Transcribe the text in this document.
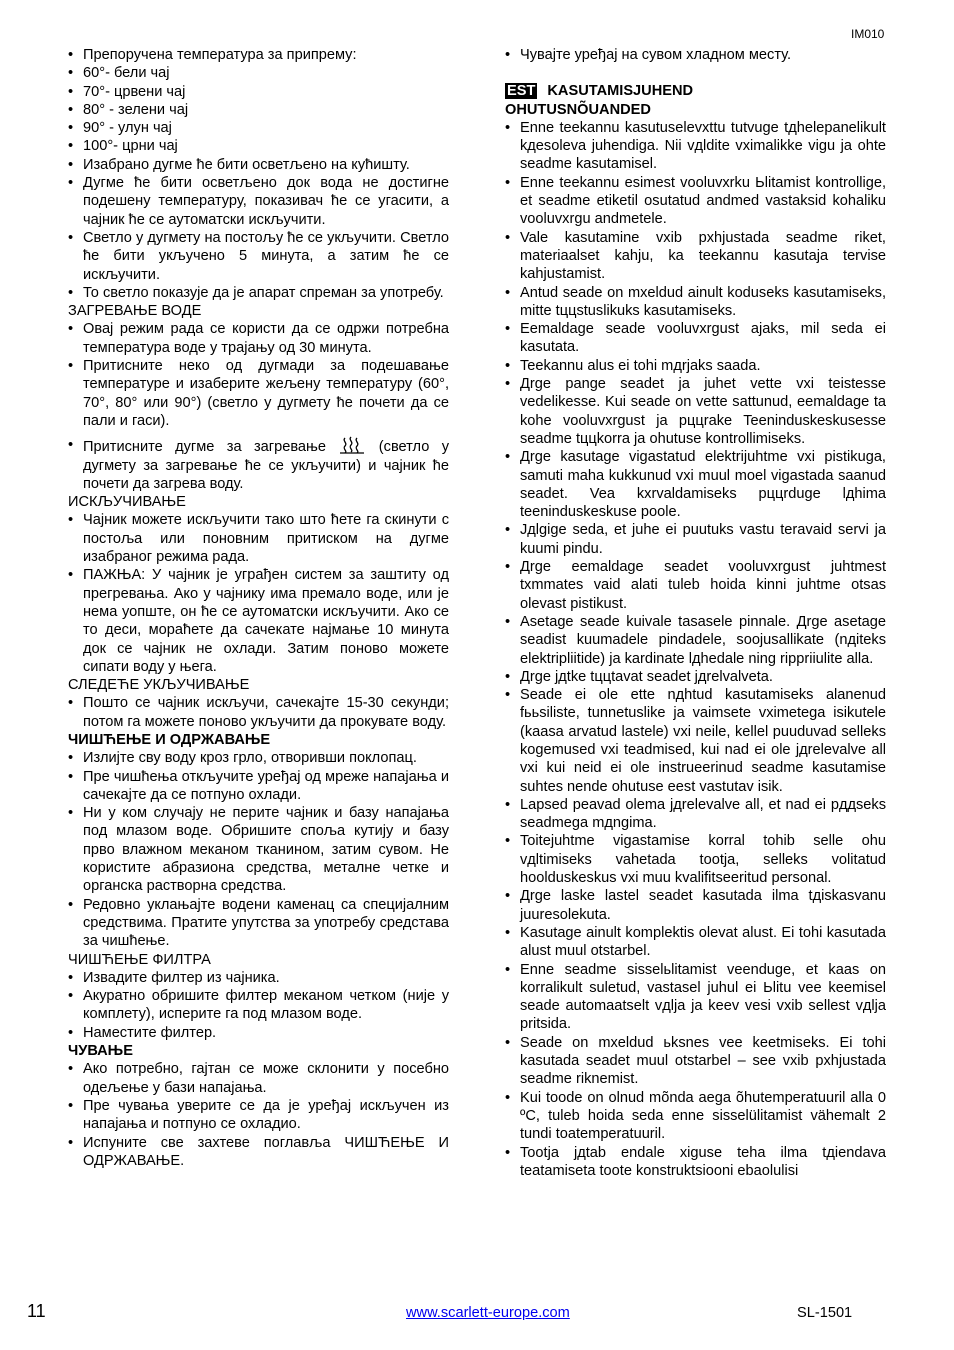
IM010
• Препоручена температура за припрему:
• 60°- бели чај
• 70°- црвени чај
• 80° - зелени чај
• 90° - улун чај
• 100°- црни чај
• Изабрано дугме ће бити осветљено на кућишту.
• Дугме ће бити осветљено док вода не достигне подешену температуру, показивач ће се угасити, а чајник ће се аутоматски искључити.
• Светло у дугмету на постољу ће се укључити. Светло ће бити укључено 5 минута, а затим ће се искључити.
• То светло показује да је апарат спреман за употребу.
ЗАГРЕВАЊЕ ВОДЕ
• Овај режим рада се користи да се одржи потребна температура воде у трајању од 30 минута.
• Притисните неко од дугмади за подешавање температуре и изаберите жељену температуру (60°, 70°, 80° или 90°) (светло у дугмету ће почети да се пали и гаси).
• Притисните дугме за загревање	(светло у дугмету за загревање ће се укључити) и чајник ће почети да загрева воду.
ИСКЉУЧИВАЊЕ
• Чајник можете искључити тако што ћете га скинути с постоља или поновним притиском на дугме изабраног режима рада.
• ПАЖЊА: У чајник је уграђен систем за заштиту од прегревања. Ако у чајнику има премало воде, или је нема уопште, он ће се аутоматски искључити. Ако се то деси, мораћете да сачекате најмање 10 минута док се чајник не охлади. Затим поново можете сипати воду у њега.
СЛЕДЕЋЕ УКЉУЧИВАЊЕ
• Пошто се чајник искључи, сачекајте 15-30 секунди; потом га можете поново укључити да прокувате воду.
ЧИШЋЕЊЕ И ОДРЖАВАЊЕ
• Излијте сву воду кроз грло, отворивши поклопац.
• Пре чишћења откључите уређај од мреже напајања и сачекајте да се потпуно охлади.
• Ни у ком случају не перите чајник и базу напајања под млазом воде. Обришите споља кутију и базу прво влажном меканом тканином, затим сувом. Не користите абразиона средства, металне четке и органска растворна средства.
• Редовно уклањајте водени каменац са специјалним средствима. Пратите упутства за употребу средстава за чишћење.
ЧИШЋЕЊЕ ФИЛТРА
• Извадите филтер из чајника.
• Акуратно обришите филтер меканом четком (није у комплету), исперите га под млазом воде.
• Наместите филтер.
ЧУВАЊЕ
• Ако потребно, гајтан се може склонити у посебно одељење у бази напајања.
• Пре чувања уверите се да је уређај искључен из напајања и потпуно се охладио.
• Испуните све захтеве поглавља ЧИШЋЕЊЕ И ОДРЖАВАЊЕ.
• Чувајте уређај на сувом хладном месту.
EST KASUTAMISJUHEND
OHUTUSNÕUANDED
• Enne teekannu kasutuselevxttu tutvuge tдhelepanelikult kдesoleva juhendiga. Nii vдldite vximalikke vigu ja ohte seadme kasutamisel.
• Enne teekannu esimest vooluvxrku Ьlitamist kontrollige, et seadme etiketil osutatud andmed vastaksid kohaliku vooluvxrgu andmetele.
• Vale kasutamine vxib pxhjustada seadme riket, materiaalset kahju, ka teekannu kasutaja tervise kahjustamist.
• Antud seade on mxeldud ainult koduseks kasutamiseks, mitte tццstuslikuks kasutamiseks.
• Eemaldage seade vooluvxrgust ajaks, mil seda ei kasutata.
• Teekannu alus ei tohi mдrjaks saada.
• Дrge pange seadet ja juhet vette vxi teistesse vedelikesse. Kui seade on vette sattunud, eemaldage ta kohe vooluvxrgust ja pццrake Teeninduskeskusesse seadme tццkorra ja ohutuse kontrollimiseks.
• Дrge kasutage vigastatud elektrijuhtme vxi pistikuga, samuti maha kukkunud vxi muul moel vigastada saanud seadet. Vea kxrvaldamiseks pццrduge lдhima teeninduskeskuse poole.
• Jдlgige seda, et juhe ei puutuks vastu teravaid servi ja kuumi pindu.
• Дrge eemaldage seadet vooluvxrgust juhtmest txmmates vaid alati tuleb hoida kinni juhtme otsas olevast pistikust.
• Asetage seade kuivale tasasele pinnale. Дrge asetage seadist kuumadele pindadele, soojusallikate (nдiteks elektripliitide) ja kardinate lдhedale ning rippriiulite alla.
• Дrge jдtke tццtavat seadet jдrelvalveta.
• Seade ei ole ette nдhtud kasutamiseks alanenud fььsiliste, tunnetuslike ja vaimsete vximetega isikutele (kaasa arvatud lastele) vxi neile, kellel puuduvad selleks kogemused vxi teadmised, kui nad ei ole jдrelevalve all vxi kui neid ei ole instrueerinud seadme kasutamise suhtes nende ohutuse eest vastutav isik.
• Lapsed peavad olema jдrelevalve all, et nad ei pддseks seadmega mдngima.
• Toitejuhtme vigastamise korral tohib selle ohu vдltimiseks vahetada tootja, selleks volitatud hoolduskeskus vxi muu kvalifitseeritud personal.
• Дrge laske lastel seadet kasutada ilma tдiskasvanu juuresolekuta.
• Kasutage ainult komplektis olevat alust. Ei tohi kasutada alust muul otstarbel.
• Enne seadme sisselьlitamist veenduge, et kaas on korralikult suletud, vastasel juhul ei Ьlitu vee keemisel seade automaatselt vдlja ja keev vesi vxib sellest vдlja pritsida.
• Seade on mxeldud ьksnes vee keetmiseks. Ei tohi kasutada seadet muul otstarbel – see vxib pxhjustada seadme riknemist.
• Kui toode on olnud mõnda aega õhutemperatuuril alla 0 ºC, tuleb hoida seda enne sisselülitamist vähemalt 2 tundi toatemperatuuril.
• Tootja jдtab endale xiguse teha ilma tдiendava teatamiseta toote konstruktsiooni ebaolulisi
11	www.scarlett-europe.com	SL-1501
